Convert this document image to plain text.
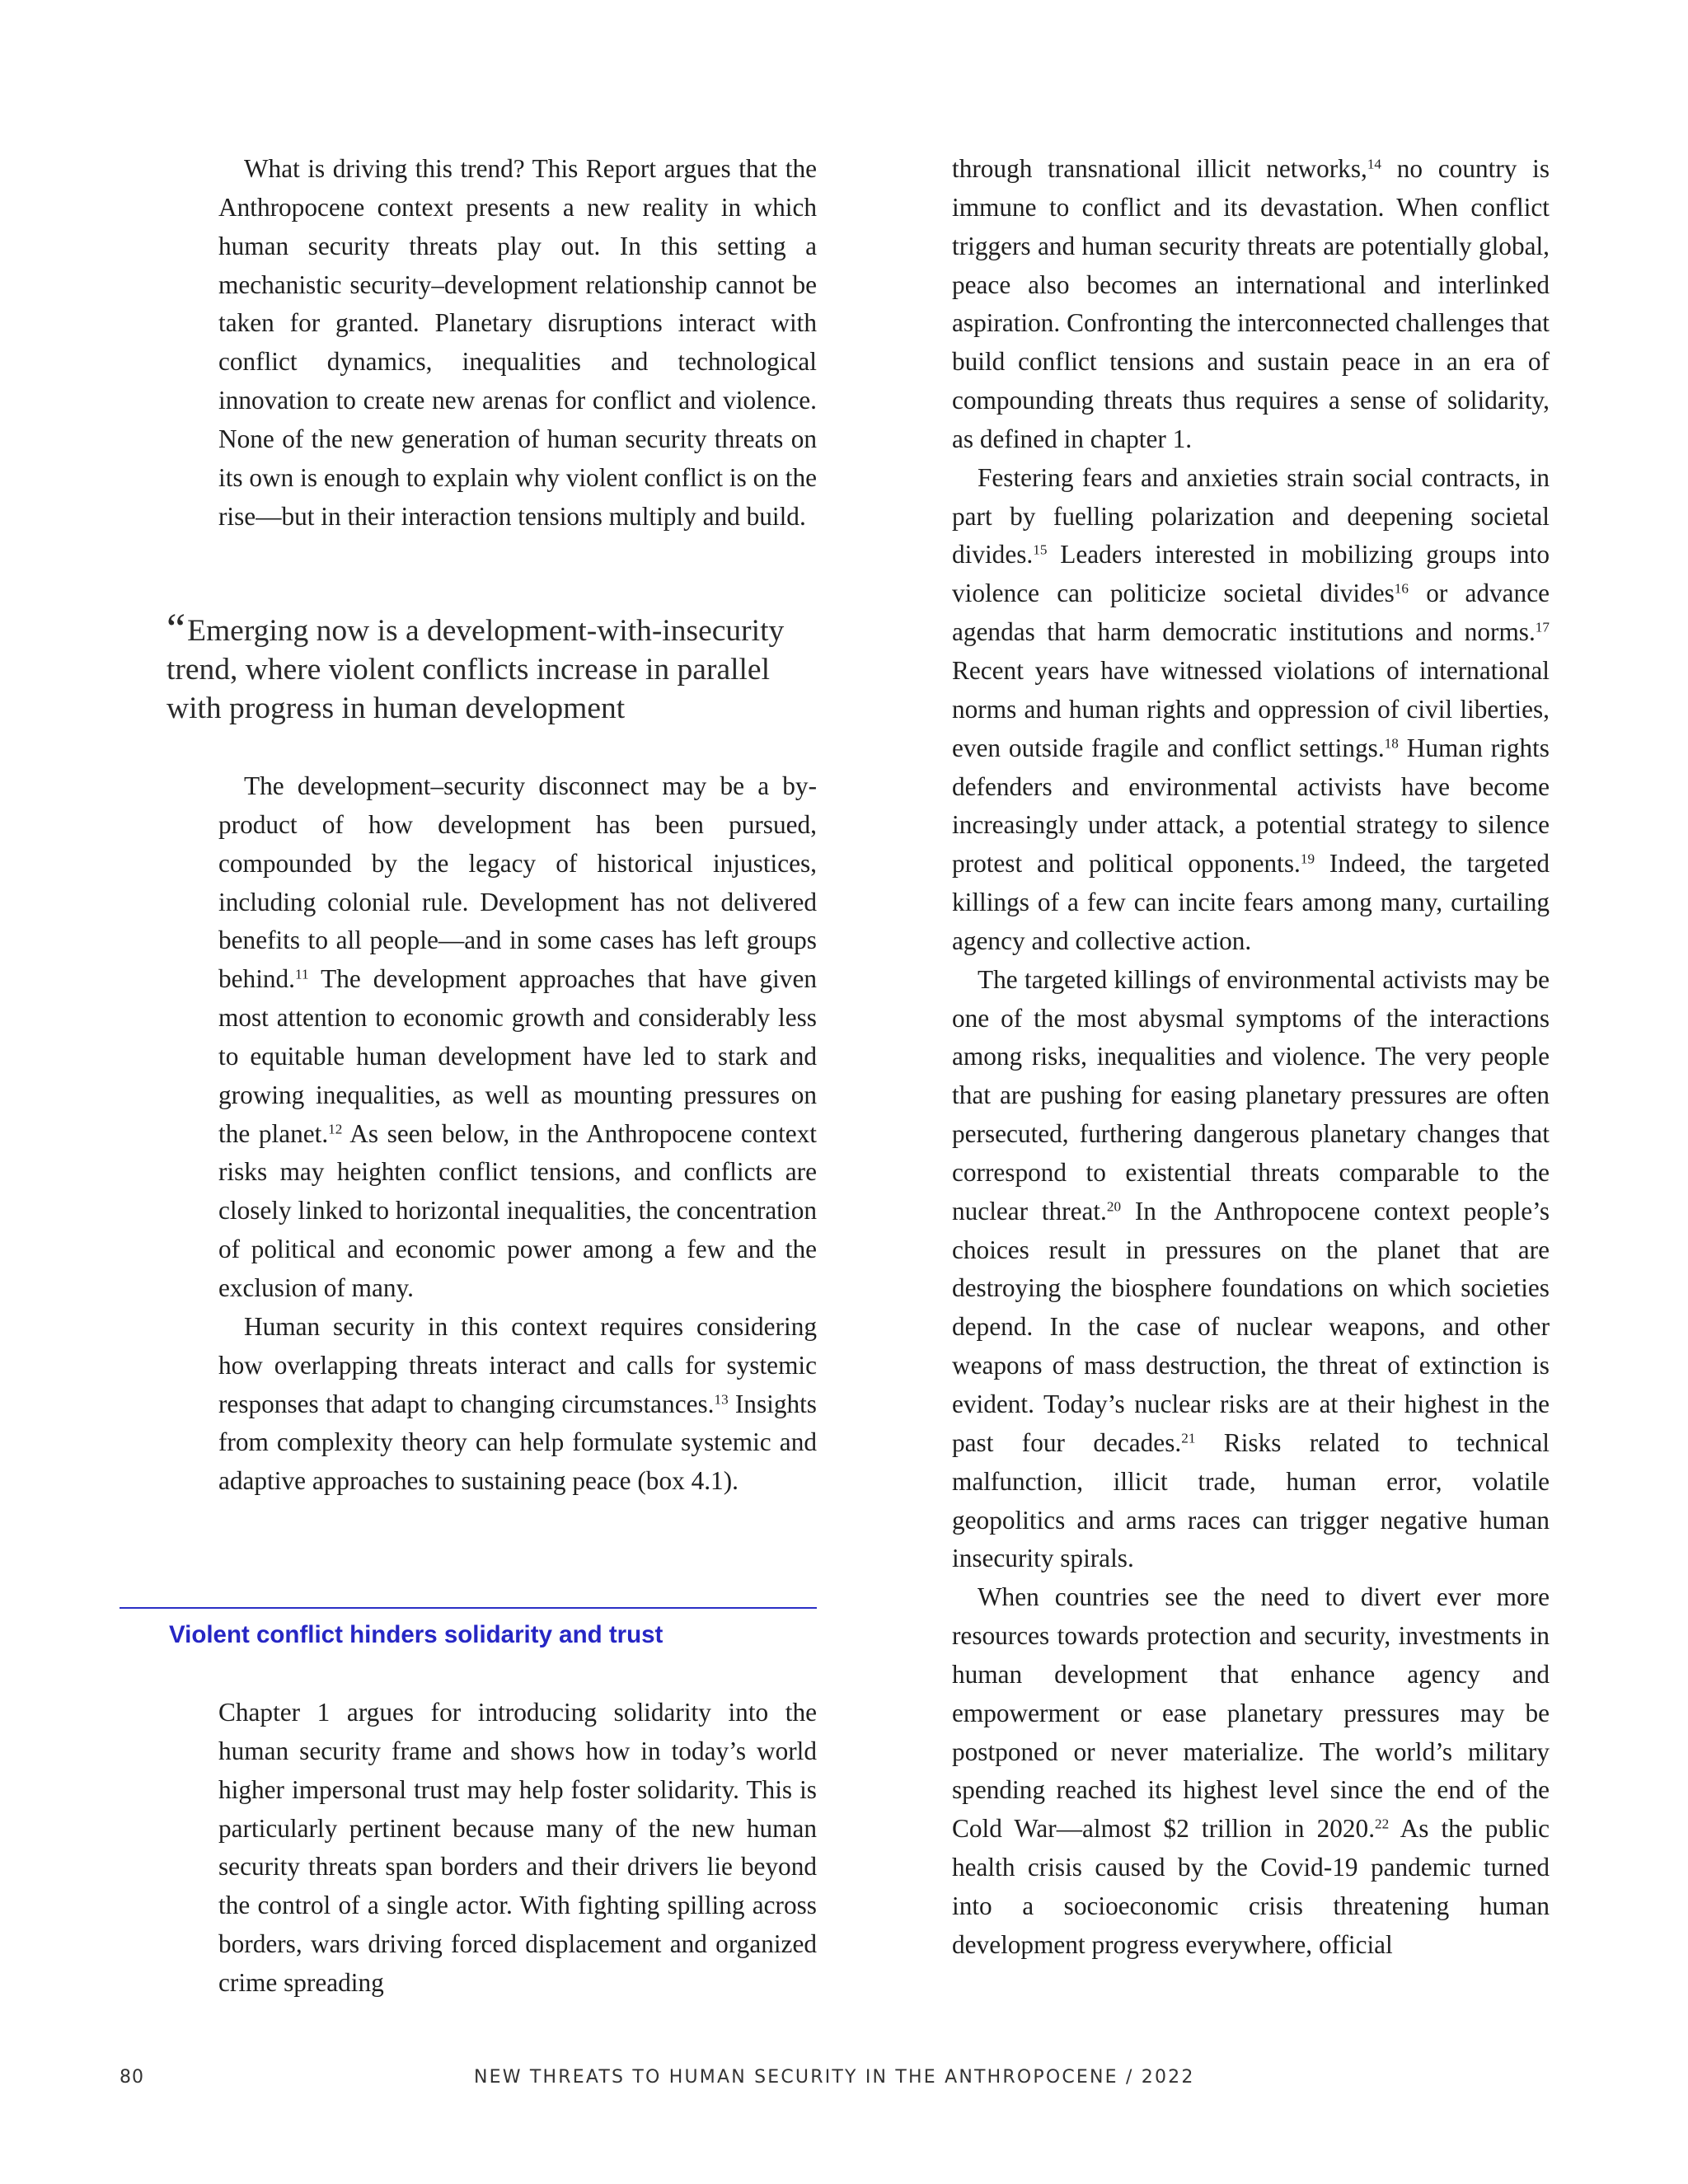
What is driving this trend? This Report argues that the Anthropocene context presents a new reality in which human security threats play out. In this setting a mechanistic security–development relationship cannot be taken for granted. Planetary disruptions interact with conflict dynamics, inequalities and technological innovation to create new arenas for conflict and violence. None of the new generation of human security threats on its own is enough to explain why violent conflict is on the rise—but in their interaction tensions multiply and build.

“Emerging now is a development-with-insecurity trend, where violent conflicts increase in parallel with progress in human development

The development–security disconnect may be a by-product of how development has been pursued, compounded by the legacy of historical injustices, including colonial rule. Development has not delivered benefits to all people—and in some cases has left groups behind.$^{11}$ The development approaches that have given most attention to economic growth and considerably less to equitable human development have led to stark and growing inequalities, as well as mounting pressures on the planet.$^{12}$ As seen below, in the Anthropocene context risks may heighten conflict tensions, and conflicts are closely linked to horizontal inequalities, the concentration of political and economic power among a few and the exclusion of many.

Human security in this context requires considering how overlapping threats interact and calls for systemic responses that adapt to changing circumstances.$^{13}$ Insights from complexity theory can help formulate systemic and adaptive approaches to sustaining peace (box 4.1).

Violent conflict hinders solidarity and trust

Chapter 1 argues for introducing solidarity into the human security frame and shows how in today’s world higher impersonal trust may help foster solidarity. This is particularly pertinent because many of the new human security threats span borders and their drivers lie beyond the control of a single actor. With fighting spilling across borders, wars driving forced displacement and organized crime spreading

through transnational illicit networks,$^{14}$ no country is immune to conflict and its devastation. When conflict triggers and human security threats are potentially global, peace also becomes an international and interlinked aspiration. Confronting the interconnected challenges that build conflict tensions and sustain peace in an era of compounding threats thus requires a sense of solidarity, as defined in chapter 1.

Festering fears and anxieties strain social contracts, in part by fuelling polarization and deepening societal divides.$^{15}$ Leaders interested in mobilizing groups into violence can politicize societal divides$^{16}$ or advance agendas that harm democratic institutions and norms.$^{17}$ Recent years have witnessed violations of international norms and human rights and oppression of civil liberties, even outside fragile and conflict settings.$^{18}$ Human rights defenders and environmental activists have become increasingly under attack, a potential strategy to silence protest and political opponents.$^{19}$ Indeed, the targeted killings of a few can incite fears among many, curtailing agency and collective action.

The targeted killings of environmental activists may be one of the most abysmal symptoms of the interactions among risks, inequalities and violence. The very people that are pushing for easing planetary pressures are often persecuted, furthering dangerous planetary changes that correspond to existential threats comparable to the nuclear threat.$^{20}$ In the Anthropocene context people’s choices result in pressures on the planet that are destroying the biosphere foundations on which societies depend. In the case of nuclear weapons, and other weapons of mass destruction, the threat of extinction is evident. Today’s nuclear risks are at their highest in the past four decades.$^{21}$ Risks related to technical malfunction, illicit trade, human error, volatile geopolitics and arms races can trigger negative human insecurity spirals.

When countries see the need to divert ever more resources towards protection and security, investments in human development that enhance agency and empowerment or ease planetary pressures may be postponed or never materialize. The world’s military spending reached its highest level since the end of the Cold War—almost $2 trillion in 2020.22 As the public health crisis caused by the Covid-19 pandemic turned into a socioeconomic crisis threatening human development progress everywhere, official

80	NEW THREATS TO HUMAN SECURITY IN THE ANTHROPOCENE / 2022
